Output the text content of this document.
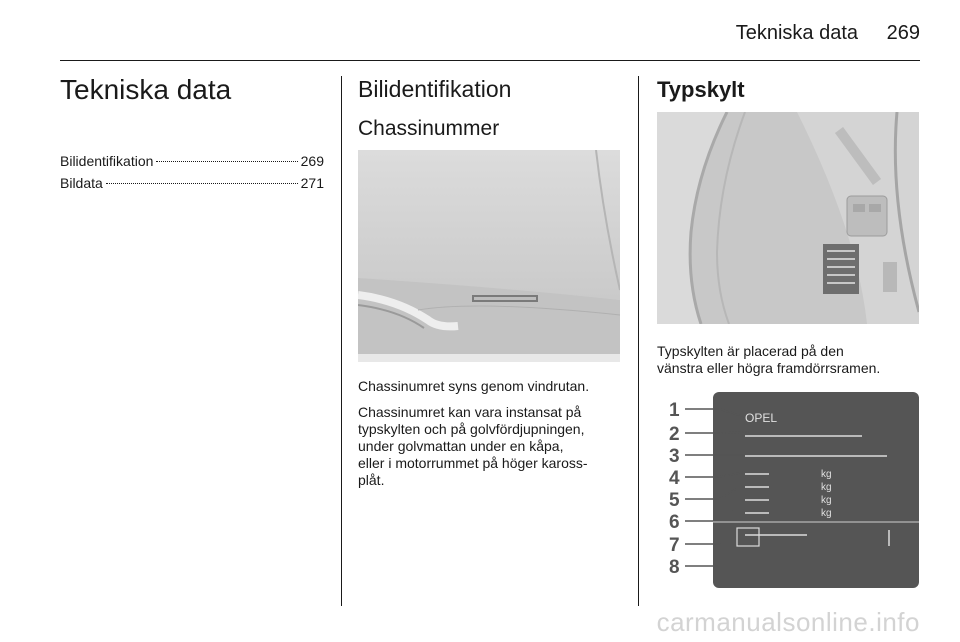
Tekniska data 269
Tekniska data
Bilidentifikation	269
Bildata	271
Bilidentifikation
Chassinummer
Chassinumret syns genom vindrutan.
Chassinumret kan vara instansat på
typskylten och på golvfördjupningen,
under golvmattan under en kåpa,
eller i motorrummet på höger kaross-
plåt.
Typskylt
Typskylten är placerad på den
vänstra eller högra framdörrsramen.
1
2
3
4
5
6
7
8
OPEL
kg
kg
kg
kg
carmanualsonline.info
